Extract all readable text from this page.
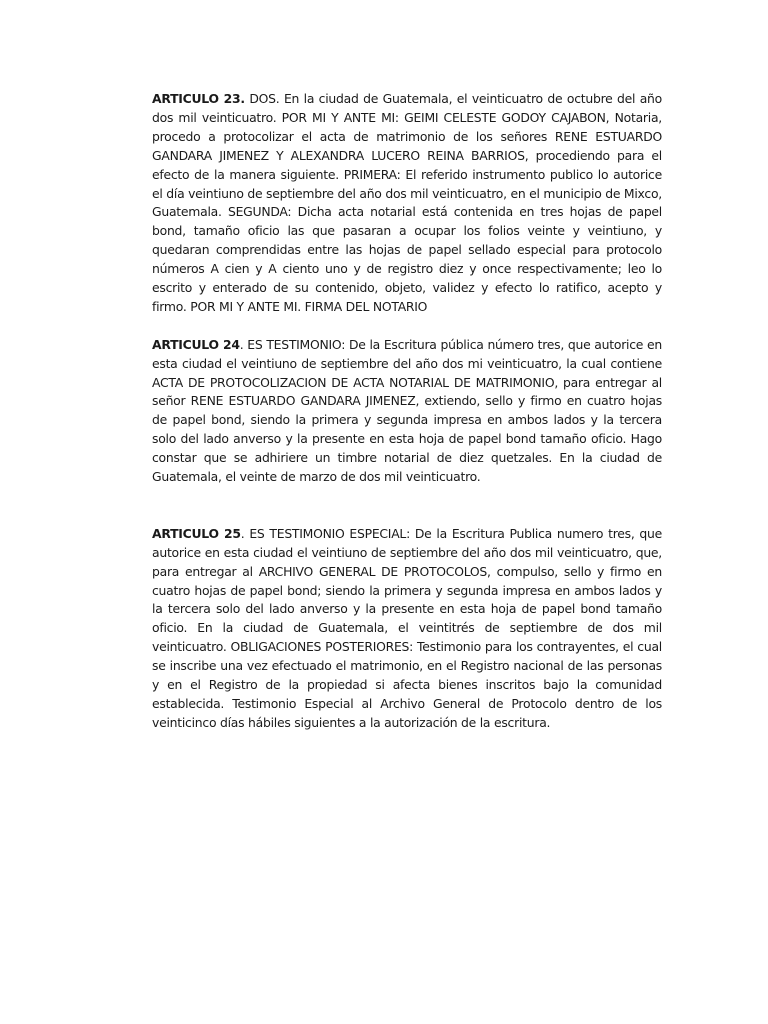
ARTICULO 23. DOS. En la ciudad de Guatemala, el veinticuatro de octubre del año dos mil veinticuatro. POR MI Y ANTE MI: GEIMI CELESTE GODOY CAJABON, Notaria, procedo a protocolizar el acta de matrimonio de los señores RENE ESTUARDO GANDARA JIMENEZ Y ALEXANDRA LUCERO REINA BARRIOS, procediendo para el efecto de la manera siguiente. PRIMERA: El referido instrumento publico lo autorice el día veintiuno de septiembre del año dos mil veinticuatro, en el municipio de Mixco, Guatemala. SEGUNDA: Dicha acta notarial está contenida en tres hojas de papel bond, tamaño oficio las que pasaran a ocupar los folios veinte y veintiuno, y quedaran comprendidas entre las hojas de papel sellado especial para protocolo números A cien y A ciento uno y de registro diez y once respectivamente; leo lo escrito y enterado de su contenido, objeto, validez y efecto lo ratifico, acepto y firmo. POR MI Y ANTE MI. FIRMA DEL NOTARIO

ARTICULO 24. ES TESTIMONIO: De la Escritura pública número tres, que autorice en esta ciudad el veintiuno de septiembre del año dos mi veinticuatro, la cual contiene ACTA DE PROTOCOLIZACION DE ACTA NOTARIAL DE MATRIMONIO, para entregar al señor RENE ESTUARDO GANDARA JIMENEZ, extiendo, sello y firmo en cuatro hojas de papel bond, siendo la primera y segunda impresa en ambos lados y la tercera solo del lado anverso y la presente en esta hoja de papel bond tamaño oficio. Hago constar que se adhiriere un timbre notarial de diez quetzales. En la ciudad de Guatemala, el veinte de marzo de dos mil veinticuatro.

ARTICULO 25. ES TESTIMONIO ESPECIAL: De la Escritura Publica numero tres, que autorice en esta ciudad el veintiuno de septiembre del año dos mil veinticuatro, que, para entregar al ARCHIVO GENERAL DE PROTOCOLOS, compulso, sello y firmo en cuatro hojas de papel bond; siendo la primera y segunda impresa en ambos lados y la tercera solo del lado anverso y la presente en esta hoja de papel bond tamaño oficio. En la ciudad de Guatemala, el veintitrés de septiembre de dos mil veinticuatro. OBLIGACIONES POSTERIORES: Testimonio para los contrayentes, el cual se inscribe una vez efectuado el matrimonio, en el Registro nacional de las personas y en el Registro de la propiedad si afecta bienes inscritos bajo la comunidad establecida. Testimonio Especial al Archivo General de Protocolo dentro de los veinticinco días hábiles siguientes a la autorización de la escritura.
